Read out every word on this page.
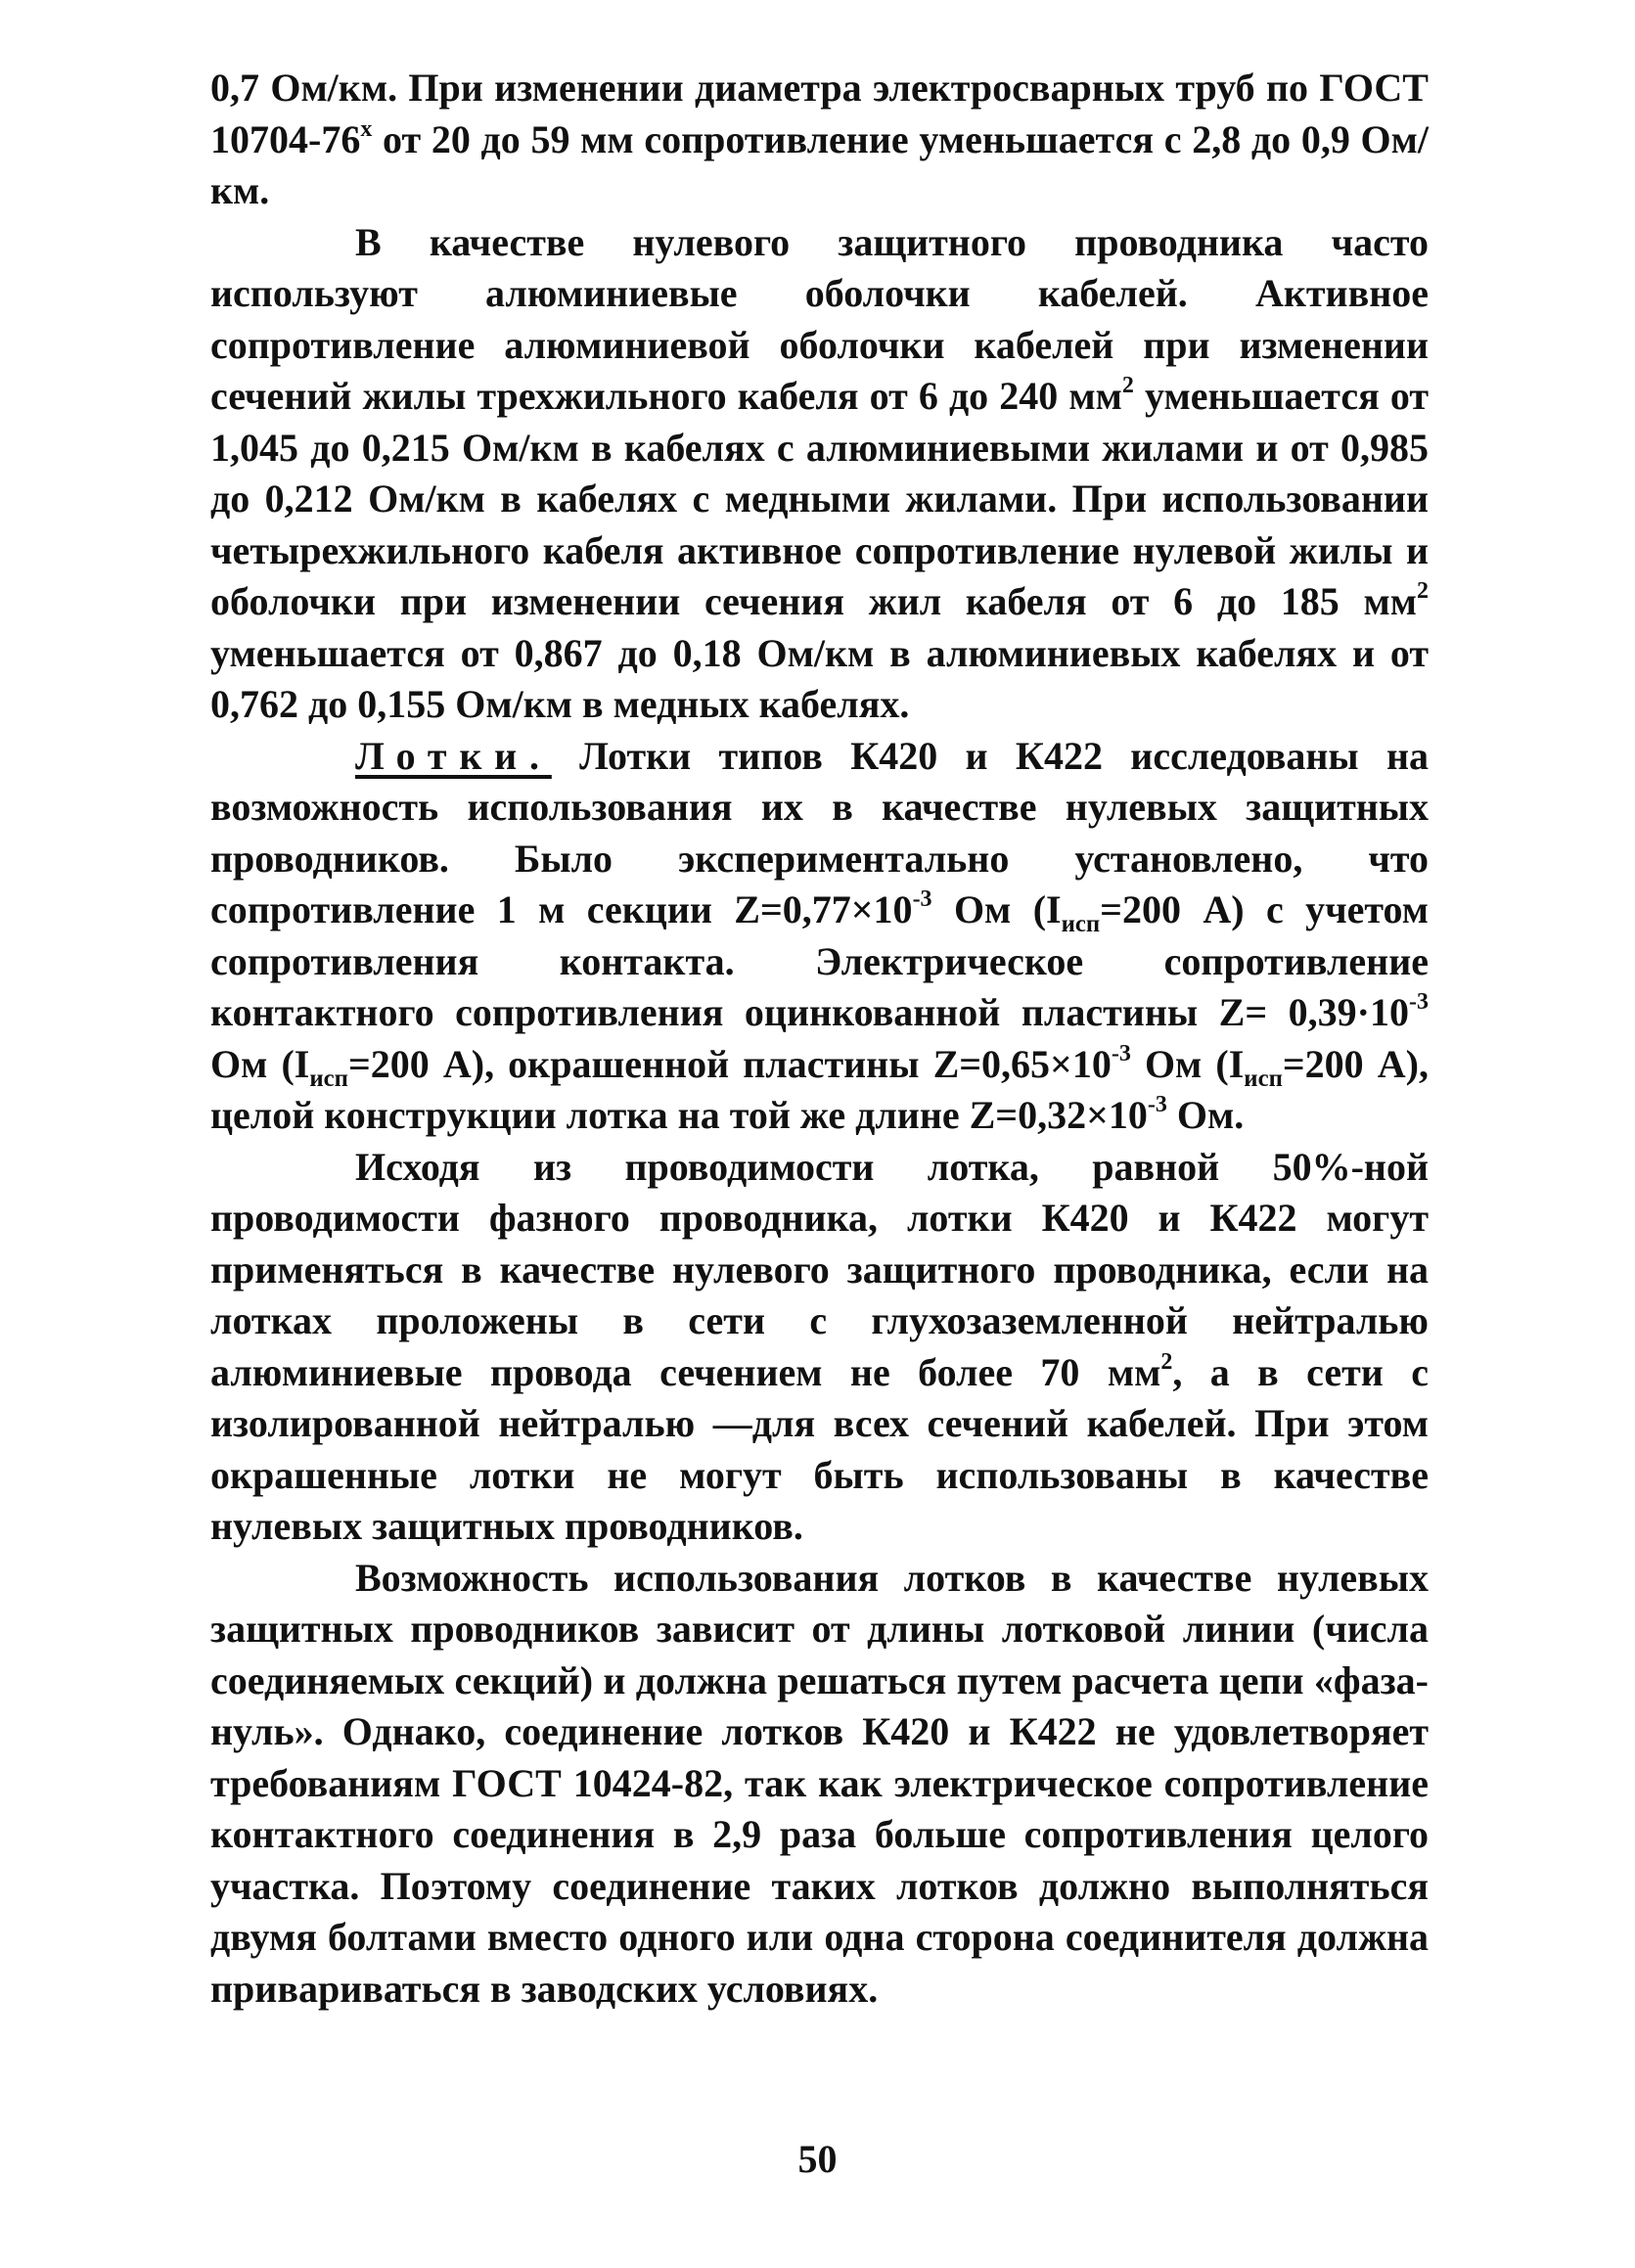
0,7 Ом/км. При изменении диаметра электросварных труб по ГОСТ $10704-76^х$ от 20 до 59 мм сопротивление уменьшается с 2,8 до 0,9 Ом/км.

В качестве нулевого защитного проводника часто используют алюминиевые оболочки кабелей. Активное сопротивление алюминиевой оболочки кабелей при изменении сечений жилы трехжильного кабеля от 6 до 240 $мм^2$ уменьшается от 1,045 до 0,215 Ом/км в кабелях с алюминиевыми жилами и от 0,985 до 0,212 Ом/км в кабелях с медными жилами. При использовании четырехжильного кабеля активное сопротивление нулевой жилы и оболочки при изменении сечения жил кабеля от 6 до 185 $мм^2$ уменьшается от 0,867 до 0,18 Ом/км в алюминиевых кабелях и от 0,762 до 0,155 Ом/км в медных кабелях.

Лотки. Лотки типов К420 и К422 исследованы на возможность использования их в качестве нулевых защитных проводников. Было экспериментально установлено, что сопротивление 1 м секции $Z=0,77\times 10^{-3}$ Ом ($I_{исп}=200$ А) с учетом сопротивления контакта. Электрическое сопротивление контактного сопротивления оцинкованной пластины $Z= 0,39\cdot 10^{-3}$ Ом ($I_{исп}=200$ А), окрашенной пластины $Z=0,65\times 10^{-3}$ Ом ($I_{исп}=200$ А), целой конструкции лотка на той же длине $Z=0,32\times 10^{-3}$ Ом.

Исходя из проводимости лотка, равной 50%-ной проводимости фазного проводника, лотки К420 и К422 могут применяться в качестве нулевого защитного проводника, если на лотках проложены в сети с глухозаземленной нейтралью алюминиевые провода сечением не более 70 $мм^2$, а в сети с изолированной нейтралью —для всех сечений кабелей. При этом окрашенные лотки не могут быть использованы в качестве нулевых защитных проводников.

Возможность использования лотков в качестве нулевых защитных проводников зависит от длины лотковой линии (числа соединяемых секций) и должна решаться путем расчета цепи «фаза-нуль». Однако, соединение лотков К420 и К422 не удовлетворяет требованиям ГОСТ 10424-82, так как электрическое сопротивление контактного соединения в 2,9 раза больше сопротивления целого участка. Поэтому соединение таких лотков должно выполняться двумя болтами вместо одного или одна сторона соединителя должна привариваться в заводских условиях.

50
